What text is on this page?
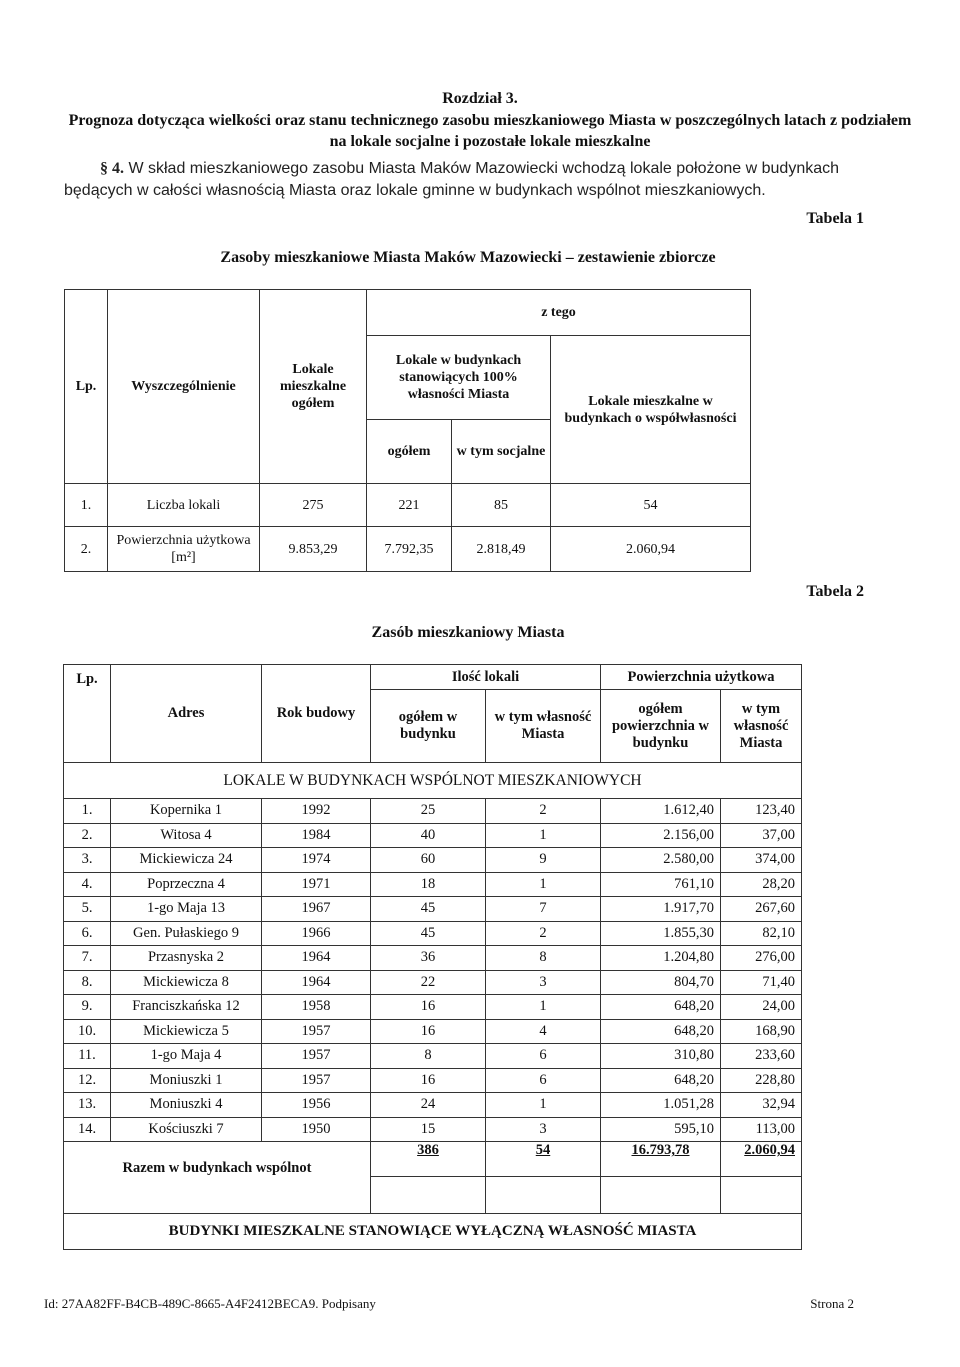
Rozdział 3.
Prognoza dotycząca wielkości oraz stanu technicznego zasobu mieszkaniowego Miasta w poszczególnych latach z podziałem na lokale socjalne i pozostałe lokale mieszkalne
§ 4. W skład mieszkaniowego zasobu Miasta Maków Mazowiecki wchodzą lokale położone w budynkach będących w całości własnością Miasta oraz lokale gminne w budynkach wspólnot mieszkaniowych.
Tabela 1
Zasoby mieszkaniowe Miasta Maków Mazowiecki – zestawienie zbiorcze
Lp.	Wyszczególnienie	Lokale mieszkalne ogółem	z tego		
			Lokale w budynkach stanowiących 100% własności Miasta		Lokale mieszkalne w budynkach o współwłasności
			ogółem	w tym socjalne	
1.	Liczba lokali	275	221	85	54
2.	Powierzchnia użytkowa [m²]	9.853,29	7.792,35	2.818,49	2.060,94
Tabela 2
Zasób mieszkaniowy Miasta
Lp.	Adres	Rok budowy	Ilość lokali		Powierzchnia użytkowa	
			ogółem w budynku	w tym własność Miasta	ogółem powierzchnia w budynku	w tym własność Miasta
LOKALE W BUDYNKACH WSPÓLNOT MIESZKANIOWYCH						
1.	Kopernika 1	1992	25	2	1.612,40	123,40
2.	Witosa 4	1984	40	1	2.156,00	37,00
3.	Mickiewicza 24	1974	60	9	2.580,00	374,00
4.	Poprzeczna 4	1971	18	1	761,10	28,20
5.	1-go Maja 13	1967	45	7	1.917,70	267,60
6.	Gen. Pułaskiego 9	1966	45	2	1.855,30	82,10
7.	Przasnyska 2	1964	36	8	1.204,80	276,00
8.	Mickiewicza 8	1964	22	3	804,70	71,40
9.	Franciszkańska 12	1958	16	1	648,20	24,00
10.	Mickiewicza 5	1957	16	4	648,20	168,90
11.	1-go Maja 4	1957	8	6	310,80	233,60
12.	Moniuszki 1	1957	16	6	648,20	228,80
13.	Moniuszki 4	1956	24	1	1.051,28	32,94
14.	Kościuszki 7	1950	15	3	595,10	113,00
Razem w budynkach wspólnot			386	54	16.793,78	2.060,94

BUDYNKI MIESZKALNE STANOWIĄCE WYŁĄCZNĄ WŁASNOŚĆ MIASTA						
Id: 27AA82FF-B4CB-489C-8665-A4F2412BECA9. Podpisany	Strona 2
